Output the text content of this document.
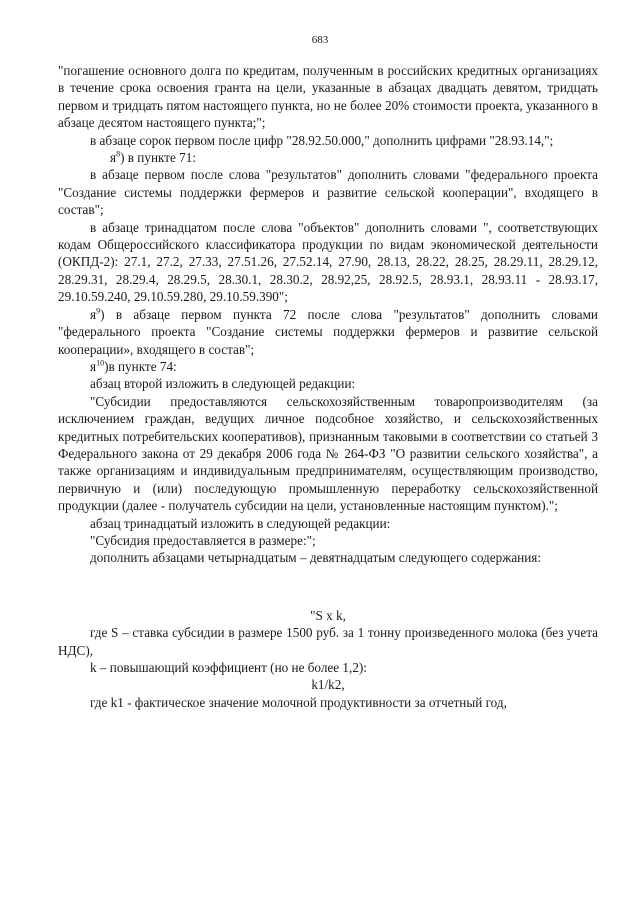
683

"погашение основного долга по кредитам, полученным в российских кредитных организациях в течение срока освоения гранта на цели, указанные в абзацах двадцать девятом, тридцать первом и тридцать пятом настоящего пункта, но не более 20% стоимости проекта, указанного в абзаце десятом настоящего пункта;";

в абзаце сорок первом после цифр "28.92.50.000," дополнить цифрами "28.93.14,";

$я^8$) в пункте 71:

в абзаце первом после слова "результатов" дополнить словами "федерального проекта "Создание системы поддержки фермеров и развитие сельской кооперации", входящего в состав";

в абзаце тринадцатом после слова "объектов" дополнить словами ", соответствующих кодам Общероссийского классификатора продукции по видам экономической деятельности (ОКПД-2): 27.1, 27.2, 27.33, 27.51.26, 27.52.14, 27.90, 28.13, 28.22, 28.25, 28.29.11, 28.29.12, 28.29.31, 28.29.4, 28.29.5, 28.30.1, 28.30.2, 28.92,25, 28.92.5, 28.93.1, 28.93.11 - 28.93.17, 29.10.59.240, 29.10.59.280, 29.10.59.390";

$я^9$) в абзаце первом пункта 72 после слова "результатов" дополнить словами "федерального проекта "Создание системы поддержки фермеров и развитие сельской кооперации», входящего в состав";

$я^{10})в$ пункте 74:

абзац второй изложить в следующей редакции:

"Субсидии предоставляются сельскохозяйственным товаропроизводителям (за исключением граждан, ведущих личное подсобное хозяйство, и сельскохозяйственных кредитных потребительских кооперативов), признанным таковыми в соответствии со статьей 3 Федерального закона от 29 декабря 2006 года № 264-ФЗ "О развитии сельского хозяйства", а также организациям и индивидуальным предпринимателям, осуществляющим производство, первичную и (или) последующую промышленную переработку сельскохозяйственной продукции (далее - получатель субсидии на цели, установленные настоящим пунктом).";

абзац тринадцатый изложить в следующей редакции:

"Субсидия предоставляется в размере:";

дополнить абзацами четырнадцатым – девятнадцатым следующего содержания:

"S x k,

где S – ставка субсидии в размере 1500 руб. за 1 тонну произведенного молока (без учета НДС),

k – повышающий коэффициент (но не более 1,2):

k1/k2,

где k1 - фактическое значение молочной продуктивности за отчетный год,
